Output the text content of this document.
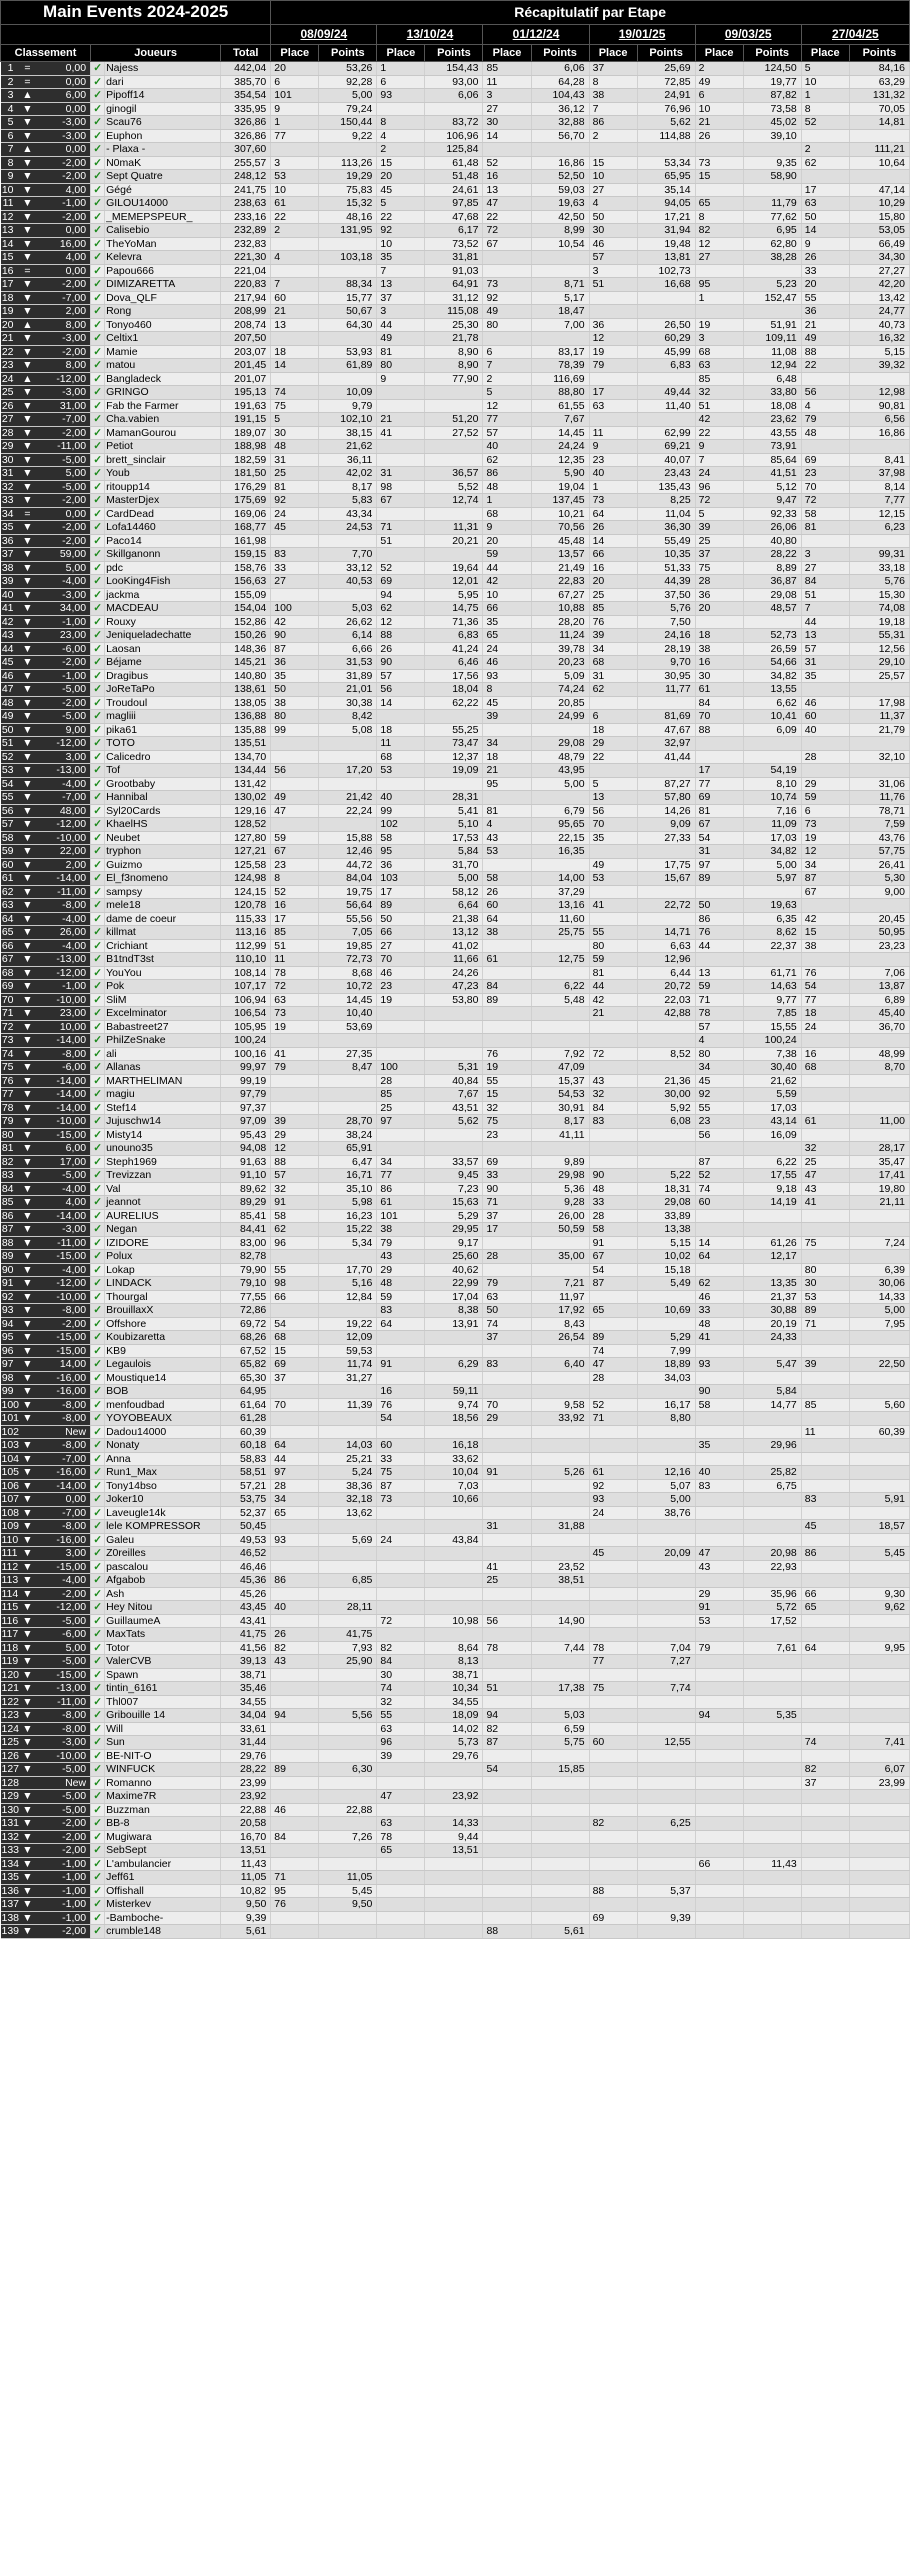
Main Events 2024-2025				Récapitulatif par Etape											
				08/09/24		13/10/24		01/12/24		19/01/25		09/03/25		27/04/25	
Classement	Joueurs		Total	Place	Points	Place	Points	Place	Points	Place	Points	Place	Points	Place	Points
1 = 0,00	✓	Najess	442,04	20	53,26	1	154,43	85	6,06	37	25,69	2	124,50	5	84,16
2 = 0,00	✓	dari	385,70	6	92,28	6	93,00	11	64,28	8	72,85	49	19,77	10	63,29
3 ▲ 6,00	✓	Pipoff14	354,54	101	5,00	93	6,06	3	104,43	38	24,91	6	87,82	1	131,32
4 ▼ 0,00	✓	ginogil	335,95	9	79,24			27	36,12	7	76,96	10	73,58	8	70,05
5 ▼ -3,00	✓	Scau76	326,86	1	150,44	8	83,72	30	32,88	86	5,62	21	45,02	52	14,81
6 ▼ -3,00	✓	Euphon	326,86	77	9,22	4	106,96	14	56,70	2	114,88	26	39,10		
7 ▲ 0,00	✓	- Plaxa -	307,60			2	125,84							2	111,21
8 ▼ -2,00	✓	N0maK	255,57	3	113,26	15	61,48	52	16,86	15	53,34	73	9,35	62	10,64
9 ▼ -2,00	✓	Sept Quatre	248,12	53	19,29	20	51,48	16	52,50	10	65,95	15	58,90		
10 ▼ 4,00	✓	Gégé	241,75	10	75,83	45	24,61	13	59,03	27	35,14			17	47,14
11 ▼ -1,00	✓	GILOU14000	238,63	61	15,32	5	97,85	47	19,63	4	94,05	65	11,79	63	10,29
12 ▼ -2,00	✓	_MEMEPSPEUR_	233,16	22	48,16	22	47,68	22	42,50	50	17,21	8	77,62	50	15,80
13 ▼ 0,00	✓	Calisebio	232,89	2	131,95	92	6,17	72	8,99	30	31,94	82	6,95	14	53,05
14 ▼ 16,00	✓	TheYoMan	232,83			10	73,52	67	10,54	46	19,48	12	62,80	9	66,49
15 ▼ 4,00	✓	Kelevra	221,30	4	103,18	35	31,81			57	13,81	27	38,28	26	34,30
16 = 0,00	✓	Papou666	221,04			7	91,03			3	102,73			33	27,27
17 ▼ -2,00	✓	DIMIZARETTA	220,83	7	88,34	13	64,91	73	8,71	51	16,68	95	5,23	20	42,20
18 ▼ -7,00	✓	Dova_QLF	217,94	60	15,77	37	31,12	92	5,17			1	152,47	55	13,42
19 ▼ 2,00	✓	Rong	208,99	21	50,67	3	115,08	49	18,47					36	24,77
20 ▲ 8,00	✓	Tonyo460	208,74	13	64,30	44	25,30	80	7,00	36	26,50	19	51,91	21	40,73
21 ▼ -3,00	✓	Celtix1	207,50			49	21,78			12	60,29	3	109,11	49	16,32
22 ▼ -2,00	✓	Mamie	203,07	18	53,93	81	8,90	6	83,17	19	45,99	68	11,08	88	5,15
23 ▼ 8,00	✓	matou	201,45	14	61,89	80	8,90	7	78,39	79	6,83	63	12,94	22	39,32
24 ▲ -12,00	✓	Bangladeck	201,07			9	77,90	2	116,69			85	6,48		
25 ▼ -3,00	✓	GRINGO	195,13	74	10,09			5	88,80	17	49,44	32	33,80	56	12,98
26 ▼ 31,00	✓	Fab the Farmer	191,63	75	9,79			12	61,55	63	11,40	51	18,08	4	90,81
27 ▼ -7,00	✓	Cha.vabien	191,15	5	102,10	21	51,20	77	7,67			42	23,62	79	6,56
28 ▼ -2,00	✓	MamanGourou	189,07	30	38,15	41	27,52	57	14,45	11	62,99	22	43,55	48	16,86
29 ▼ -11,00	✓	Petiot	188,98	48	21,62			40	24,24	9	69,21	9	73,91		
30 ▼ -5,00	✓	brett_sinclair	182,59	31	36,11			62	12,35	23	40,07	7	85,64	69	8,41
31 ▼ 5,00	✓	Youb	181,50	25	42,02	31	36,57	86	5,90	40	23,43	24	41,51	23	37,98
32 ▼ -5,00	✓	ritoupp14	176,29	81	8,17	98	5,52	48	19,04	1	135,43	96	5,12	70	8,14
33 ▼ -2,00	✓	MasterDjex	175,69	92	5,83	67	12,74	1	137,45	73	8,25	72	9,47	72	7,77
34 = 0,00	✓	CardDead	169,06	24	43,34			68	10,21	64	11,04	5	92,33	58	12,15
35 ▼ -2,00	✓	Lofa14460	168,77	45	24,53	71	11,31	9	70,56	26	36,30	39	26,06	81	6,23
36 ▼ -2,00	✓	Paco14	161,98			51	20,21	20	45,48	14	55,49	25	40,80		
37 ▼ 59,00	✓	Skillganonn	159,15	83	7,70			59	13,57	66	10,35	37	28,22	3	99,31
38 ▼ 5,00	✓	pdc	158,76	33	33,12	52	19,64	44	21,49	16	51,33	75	8,89	27	33,18
39 ▼ -4,00	✓	LooKing4Fish	156,63	27	40,53	69	12,01	42	22,83	20	44,39	28	36,87	84	5,76
40 ▼ -3,00	✓	jackma	155,09			94	5,95	10	67,27	25	37,50	36	29,08	51	15,30
41 ▼ 34,00	✓	MACDEAU	154,04	100	5,03	62	14,75	66	10,88	85	5,76	20	48,57	7	74,08
42 ▼ -1,00	✓	Rouxy	152,86	42	26,62	12	71,36	35	28,20	76	7,50			44	19,18
43 ▼ 23,00	✓	Jeniqueladechatte	150,26	90	6,14	88	6,83	65	11,24	39	24,16	18	52,73	13	55,31
44 ▼ -6,00	✓	Laosan	148,36	87	6,66	26	41,24	24	39,78	34	28,19	38	26,59	57	12,56
45 ▼ -2,00	✓	Béjame	145,21	36	31,53	90	6,46	46	20,23	68	9,70	16	54,66	31	29,10
46 ▼ -1,00	✓	Dragibus	140,80	35	31,89	57	17,56	93	5,09	31	30,95	30	34,82	35	25,57
47 ▼ -5,00	✓	JoReTaPo	138,61	50	21,01	56	18,04	8	74,24	62	11,77	61	13,55		
48 ▼ -2,00	✓	Troudoul	138,05	38	30,38	14	62,22	45	20,85			84	6,62	46	17,98
49 ▼ -5,00	✓	magliii	136,88	80	8,42			39	24,99	6	81,69	70	10,41	60	11,37
50 ▼ 9,00	✓	pika61	135,88	99	5,08	18	55,25			18	47,67	88	6,09	40	21,79
51 ▼ -12,00	✓	TOTO	135,51			11	73,47	34	29,08	29	32,97				
52 ▼ 3,00	✓	Calicedro	134,70			68	12,37	18	48,79	22	41,44			28	32,10
53 ▼ -13,00	✓	Tof	134,44	56	17,20	53	19,09	21	43,95			17	54,19		
54 ▼ -4,00	✓	Grootbaby	131,42					95	5,00	5	87,27	77	8,10	29	31,06
55 ▼ -7,00	✓	Hannibal	130,02	49	21,42	40	28,31			13	57,80	69	10,74	59	11,76
56 ▼ 48,00	✓	Syl20Cards	129,16	47	22,24	99	5,41	81	6,79	56	14,26	81	7,16	6	78,71
57 ▼ -12,00	✓	KhaelHS	128,52			102	5,10	4	95,65	70	9,09	67	11,09	73	7,59
58 ▼ -10,00	✓	Neubet	127,80	59	15,88	58	17,53	43	22,15	35	27,33	54	17,03	19	43,76
59 ▼ 22,00	✓	tryphon	127,21	67	12,46	95	5,84	53	16,35			31	34,82	12	57,75
60 ▼ 2,00	✓	Guizmo	125,58	23	44,72	36	31,70			49	17,75	97	5,00	34	26,41
61 ▼ -14,00	✓	El_f3nomeno	124,98	8	84,04	103	5,00	58	14,00	53	15,67	89	5,97	87	5,30
62 ▼ -11,00	✓	sampsy	124,15	52	19,75	17	58,12	26	37,29					67	9,00
63 ▼ -8,00	✓	mele18	120,78	16	56,64	89	6,64	60	13,16	41	22,72	50	19,63		
64 ▼ -4,00	✓	dame de coeur	115,33	17	55,56	50	21,38	64	11,60			86	6,35	42	20,45
65 ▼ 26,00	✓	killmat	113,16	85	7,05	66	13,12	38	25,75	55	14,71	76	8,62	15	50,95
66 ▼ -4,00	✓	Crichiant	112,99	51	19,85	27	41,02			80	6,63	44	22,37	38	23,23
67 ▼ -13,00	✓	B1tndT3st	110,10	11	72,73	70	11,66	61	12,75	59	12,96				
68 ▼ -12,00	✓	YouYou	108,14	78	8,68	46	24,26			81	6,44	13	61,71	76	7,06
69 ▼ -1,00	✓	Pok	107,17	72	10,72	23	47,23	84	6,22	44	20,72	59	14,63	54	13,87
70 ▼ -10,00	✓	SliM	106,94	63	14,45	19	53,80	89	5,48	42	22,03	71	9,77	77	6,89
71 ▼ 23,00	✓	Excelminator	106,54	73	10,40					21	42,88	78	7,85	18	45,40
72 ▼ 10,00	✓	Babastreet27	105,95	19	53,69							57	15,55	24	36,70
73 ▼ -14,00	✓	PhilZeSnake	100,24									4	100,24		
74 ▼ -8,00	✓	ali	100,16	41	27,35			76	7,92	72	8,52	80	7,38	16	48,99
75 ▼ -6,00	✓	Allanas	99,97	79	8,47	100	5,31	19	47,09			34	30,40	68	8,70
76 ▼ -14,00	✓	MARTHELIMAN	99,19			28	40,84	55	15,37	43	21,36	45	21,62		
77 ▼ -14,00	✓	magiu	97,79			85	7,67	15	54,53	32	30,00	92	5,59		
78 ▼ -14,00	✓	Stef14	97,37			25	43,51	32	30,91	84	5,92	55	17,03		
79 ▼ -10,00	✓	Jujuschw14	97,09	39	28,70	97	5,62	75	8,17	83	6,08	23	43,14	61	11,00
80 ▼ -15,00	✓	Misty14	95,43	29	38,24			23	41,11			56	16,09		
81 ▼ 6,00	✓	unouno35	94,08	12	65,91									32	28,17
82 ▼ 17,00	✓	Steph1969	91,63	88	6,47	34	33,57	69	9,89			87	6,22	25	35,47
83 ▼ -5,00	✓	Trevizzan	91,10	57	16,71	77	9,45	33	29,98	90	5,22	52	17,55	47	17,41
84 ▼ -4,00	✓	Val	89,62	32	35,10	86	7,23	90	5,36	48	18,31	74	9,18	43	19,80
85 ▼ 4,00	✓	jeannot	89,29	91	5,98	61	15,63	71	9,28	33	29,08	60	14,19	41	21,11
86 ▼ -14,00	✓	AURELIUS	85,41	58	16,23	101	5,29	37	26,00	28	33,89				
87 ▼ -3,00	✓	Negan	84,41	62	15,22	38	29,95	17	50,59	58	13,38				
88 ▼ -11,00	✓	IZIDORE	83,00	96	5,34	79	9,17			91	5,15	14	61,26	75	7,24
89 ▼ -15,00	✓	Polux	82,78			43	25,60	28	35,00	67	10,02	64	12,17		
90 ▼ -4,00	✓	Lokap	79,90	55	17,70	29	40,62			54	15,18			80	6,39
91 ▼ -12,00	✓	LINDACK	79,10	98	5,16	48	22,99	79	7,21	87	5,49	62	13,35	30	30,06
92 ▼ -10,00	✓	Thourgal	77,55	66	12,84	59	17,04	63	11,97			46	21,37	53	14,33
93 ▼ -8,00	✓	BrouillaxX	72,86			83	8,38	50	17,92	65	10,69	33	30,88	89	5,00
94 ▼ -2,00	✓	Offshore	69,72	54	19,22	64	13,91	74	8,43			48	20,19	71	7,95
95 ▼ -15,00	✓	Koubizaretta	68,26	68	12,09			37	26,54	89	5,29	41	24,33		
96 ▼ -15,00	✓	KB9	67,52	15	59,53					74	7,99				
97 ▼ 14,00	✓	Legaulois	65,82	69	11,74	91	6,29	83	6,40	47	18,89	93	5,47	39	22,50
98 ▼ -16,00	✓	Moustique14	65,30	37	31,27					28	34,03				
99 ▼ -16,00	✓	BOB	64,95			16	59,11					90	5,84		
100 ▼ -8,00	✓	menfoudbad	61,64	70	11,39	76	9,74	70	9,58	52	16,17	58	14,77	85	5,60
101 ▼ -8,00	✓	YOYOBEAUX	61,28			54	18,56	29	33,92	71	8,80				
102 New	✓	Dadou14000	60,39											11	60,39
103 ▼ -8,00	✓	Nonaty	60,18	64	14,03	60	16,18					35	29,96		
104 ▼ -7,00	✓	Anna	58,83	44	25,21	33	33,62								
105 ▼ -16,00	✓	Run1_Max	58,51	97	5,24	75	10,04	91	5,26	61	12,16	40	25,82		
106 ▼ -14,00	✓	Tony14bso	57,21	28	38,36	87	7,03			92	5,07	83	6,75		
107 ▼ 0,00	✓	Joker10	53,75	34	32,18	73	10,66			93	5,00			83	5,91
108 ▼ -7,00	✓	Laveugle14k	52,37	65	13,62					24	38,76				
109 ▼ -8,00	✓	lele KOMPRESSOR	50,45					31	31,88					45	18,57
110 ▼ -16,00	✓	Galeu	49,53	93	5,69	24	43,84								
111 ▼ 3,00	✓	Z0reilles	46,52							45	20,09	47	20,98	86	5,45
112 ▼ -15,00	✓	pascalou	46,46					41	23,52			43	22,93		
113 ▼ -4,00	✓	Afgabob	45,36	86	6,85			25	38,51						
114 ▼ -2,00	✓	Ash	45,26									29	35,96	66	9,30
115 ▼ -12,00	✓	Hey Nitou	43,45	40	28,11							91	5,72	65	9,62
116 ▼ -5,00	✓	GuillaumeA	43,41			72	10,98	56	14,90			53	17,52		
117 ▼ -6,00	✓	MaxTats	41,75	26	41,75										
118 ▼ 5,00	✓	Totor	41,56	82	7,93	82	8,64	78	7,44	78	7,04	79	7,61	64	9,95
119 ▼ -5,00	✓	ValerCVB	39,13	43	25,90	84	8,13			77	7,27				
120 ▼ -15,00	✓	Spawn	38,71			30	38,71								
121 ▼ -13,00	✓	tintin_6161	35,46			74	10,34	51	17,38	75	7,74				
122 ▼ -11,00	✓	Thl007	34,55			32	34,55								
123 ▼ -8,00	✓	Gribouille 14	34,04	94	5,56	55	18,09	94	5,03			94	5,35		
124 ▼ -8,00	✓	Will	33,61			63	14,02	82	6,59						
125 ▼ -3,00	✓	Sun	31,44			96	5,73	87	5,75	60	12,55			74	7,41
126 ▼ -10,00	✓	BE-NIT-O	29,76			39	29,76								
127 ▼ -5,00	✓	WINFUCK	28,22	89	6,30			54	15,85					82	6,07
128 New	✓	Romanno	23,99											37	23,99
129 ▼ -5,00	✓	Maxime7R	23,92			47	23,92								
130 ▼ -5,00	✓	Buzzman	22,88	46	22,88										
131 ▼ -2,00	✓	BB-8	20,58			63	14,33			82	6,25				
132 ▼ -2,00	✓	Mugiwara	16,70	84	7,26	78	9,44								
133 ▼ -2,00	✓	SebSept	13,51			65	13,51								
134 ▼ -1,00	✓	L'ambulancier	11,43									66	11,43		
135 ▼ -1,00	✓	Jeff61	11,05	71	11,05										
136 ▼ -1,00	✓	Offishall	10,82	95	5,45					88	5,37				
137 ▼ -1,00	✓	Misterkev	9,50	76	9,50										
138 ▼ -1,00	✓	-Bamboche-	9,39							69	9,39				
139 ▼ -2,00	✓	crumble148	5,61					88	5,61						
